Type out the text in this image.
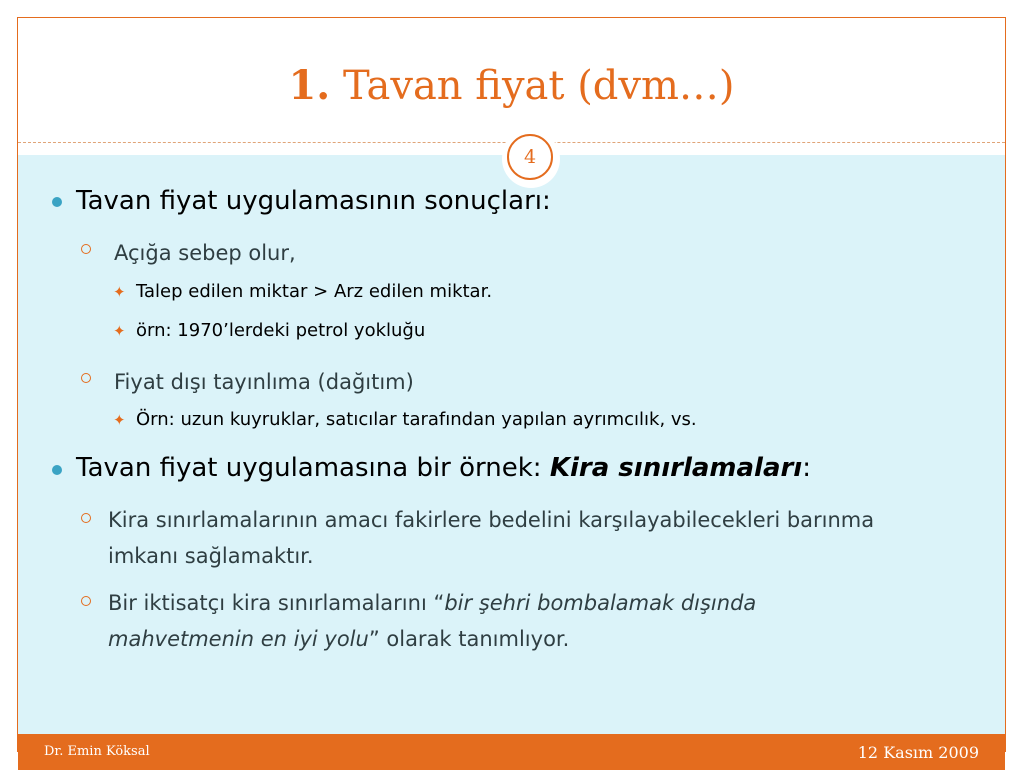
1. Tavan fiyat (dvm…)
4
Tavan fiyat uygulamasının sonuçları:
Açığa sebep olur,
✦ Talep edilen miktar > Arz edilen miktar.
✦ örn: 1970’lerdeki petrol yokluğu
Fiyat dışı tayınlıma (dağıtım)
✦ Örn: uzun kuyruklar, satıcılar tarafından yapılan ayrımcılık, vs.
Tavan fiyat uygulamasına bir örnek: Kira sınırlamaları:
Kira sınırlamalarının amacı fakirlere bedelini karşılayabilecekleri barınma imkanı sağlamaktır.
Bir iktisatçı kira sınırlamalarını “bir şehri bombalamak dışında mahvetmenin en iyi yolu” olarak tanımlıyor.
Dr. Emin Köksal	12 Kasım 2009
